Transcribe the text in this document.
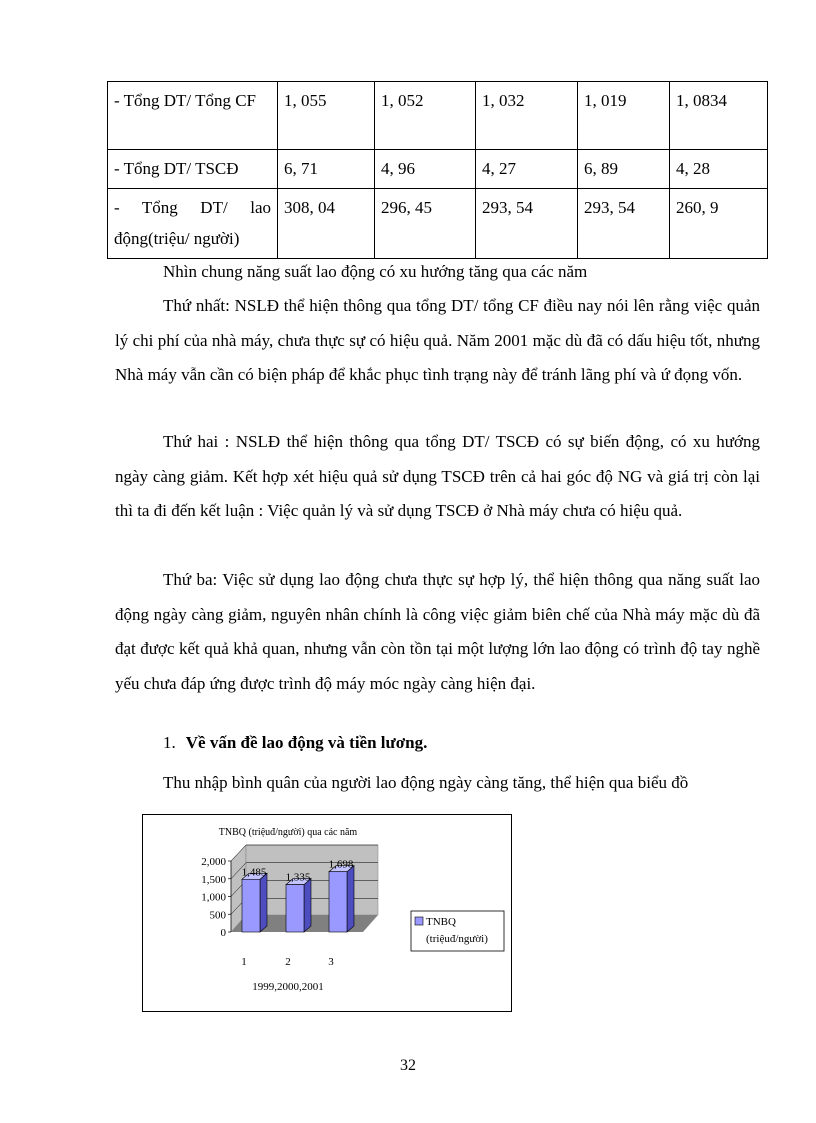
- Tổng DT/ Tổng CF	1, 055	1, 052	1, 032	1, 019	1, 0834
- Tổng DT/ TSCĐ	6, 71	4, 96	4, 27	6, 89	4, 28
- Tổng DT/ lao động(triệu/ người)	308, 04	296, 45	293, 54	293, 54	260, 9

Nhìn chung năng suất lao động có xu hướng tăng qua các năm

Thứ nhất: NSLĐ thể hiện thông qua tổng DT/ tổng CF điều nay nói lên rằng việc quản lý chi phí của nhà máy, chưa thực sự có hiệu quả. Năm 2001 mặc dù đã có dấu hiệu tốt, nhưng Nhà máy vẫn cần có biện pháp để khắc phục tình trạng này để tránh lãng phí và ứ đọng vốn.

Thứ hai : NSLĐ thể hiện thông qua tổng DT/ TSCĐ có sự biến động, có xu hướng ngày càng giảm. Kết hợp xét hiệu quả sử dụng TSCĐ trên cả hai góc độ NG và giá trị còn lại thì ta đi đến kết luận : Việc quản lý và sử dụng TSCĐ ở Nhà máy chưa có hiệu quả.

Thứ ba: Việc sử dụng lao động chưa thực sự hợp lý, thể hiện thông qua năng suất lao động ngày càng giảm, nguyên nhân chính là công việc giảm biên chế của Nhà máy mặc dù đã đạt được kết quả khả quan, nhưng vẫn còn tồn tại một lượng lớn lao động có trình độ tay nghề yếu chưa đáp ứng được trình độ máy móc ngày càng hiện đại.

1. Về vấn đề lao động và tiền lương.

Thu nhập bình quân của người lao động ngày càng tăng, thể hiện qua biểu đồ

TNBQ (triệuđ/người) qua các năm
0
500
1,000
1,500
2,000
1,485 1,335
1,698
1	2	3
1999,2000,2001
TNBQ
(triệuđ/người)
32
